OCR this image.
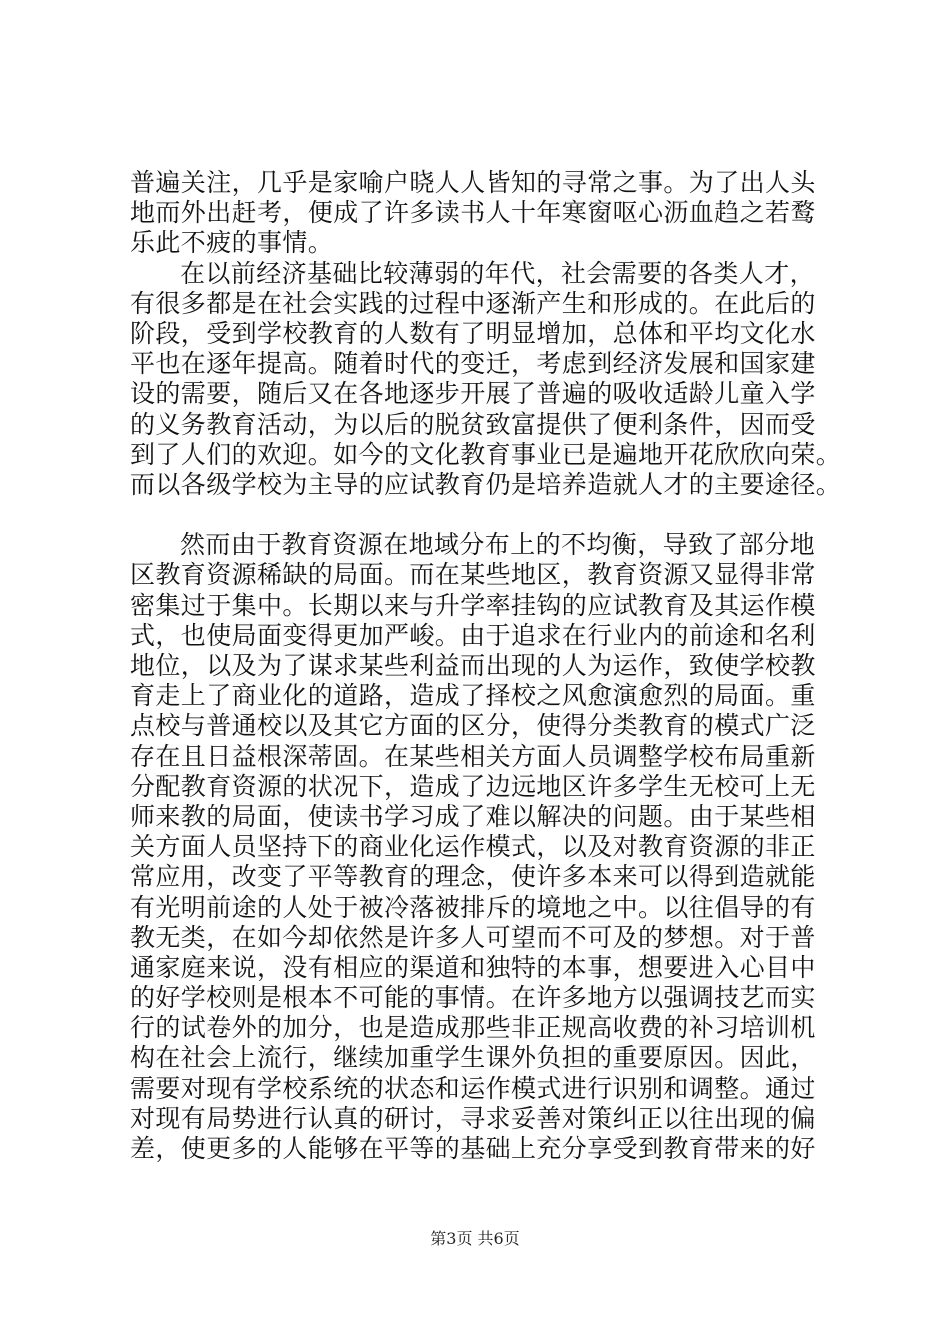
普遍关注，几乎是家喻户晓人人皆知的寻常之事。为了出人头
地而外出赶考，便成了许多读书人十年寒窗呕心沥血趋之若鹜
乐此不疲的事情。
在以前经济基础比较薄弱的年代，社会需要的各类人才，
有很多都是在社会实践的过程中逐渐产生和形成的。在此后的
阶段，受到学校教育的人数有了明显增加，总体和平均文化水
平也在逐年提高。随着时代的变迁，考虑到经济发展和国家建
设的需要，随后又在各地逐步开展了普遍的吸收适龄儿童入学
的义务教育活动，为以后的脱贫致富提供了便利条件，因而受
到了人们的欢迎。如今的文化教育事业已是遍地开花欣欣向荣。
而以各级学校为主导的应试教育仍是培养造就人才的主要途径。
然而由于教育资源在地域分布上的不均衡，导致了部分地
区教育资源稀缺的局面。而在某些地区，教育资源又显得非常
密集过于集中。长期以来与升学率挂钩的应试教育及其运作模
式，也使局面变得更加严峻。由于追求在行业内的前途和名利
地位，以及为了谋求某些利益而出现的人为运作，致使学校教
育走上了商业化的道路，造成了择校之风愈演愈烈的局面。重
点校与普通校以及其它方面的区分，使得分类教育的模式广泛
存在且日益根深蒂固。在某些相关方面人员调整学校布局重新
分配教育资源的状况下，造成了边远地区许多学生无校可上无
师来教的局面，使读书学习成了难以解决的问题。由于某些相
关方面人员坚持下的商业化运作模式，以及对教育资源的非正
常应用，改变了平等教育的理念，使许多本来可以得到造就能
有光明前途的人处于被冷落被排斥的境地之中。以往倡导的有
教无类，在如今却依然是许多人可望而不可及的梦想。对于普
通家庭来说，没有相应的渠道和独特的本事，想要进入心目中
的好学校则是根本不可能的事情。在许多地方以强调技艺而实
行的试卷外的加分，也是造成那些非正规高收费的补习培训机
构在社会上流行，继续加重学生课外负担的重要原因。因此，
需要对现有学校系统的状态和运作模式进行识别和调整。通过
对现有局势进行认真的研讨，寻求妥善对策纠正以往出现的偏
差，使更多的人能够在平等的基础上充分享受到教育带来的好
第3页 共6页
